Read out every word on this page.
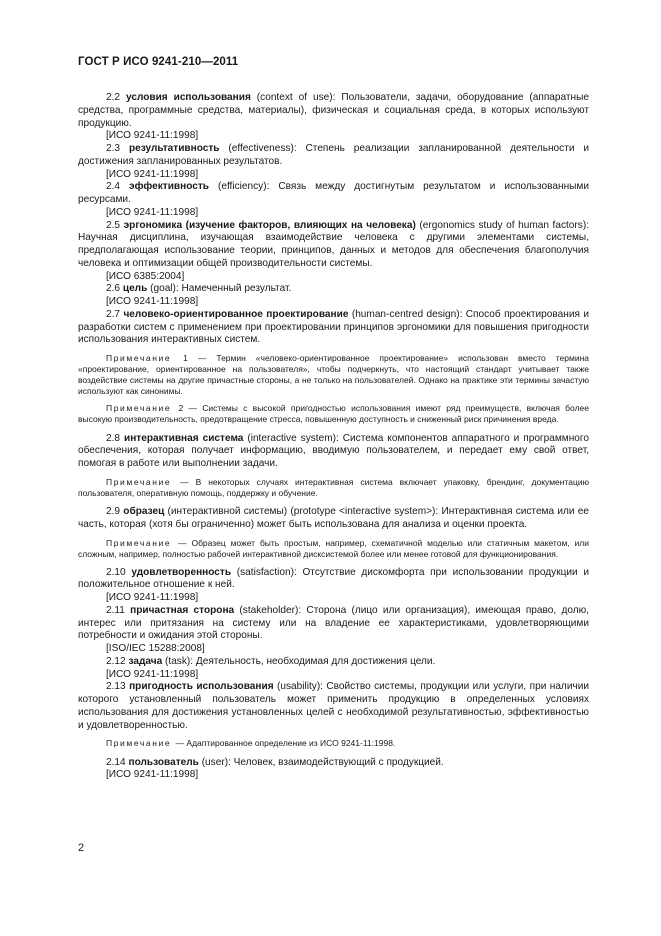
ГОСТ Р ИСО 9241-210—2011

2.2 условия использования (context of use): Пользователи, задачи, оборудование (аппаратные средства, программные средства, материалы), физическая и социальная среда, в которых используют продукцию.

[ИСО 9241-11:1998]

2.3 результативность (effectiveness): Степень реализации запланированной деятельности и достижения запланированных результатов.

[ИСО 9241-11:1998]

2.4 эффективность (efficiency): Связь между достигнутым результатом и использованными ресурсами.

[ИСО 9241-11:1998]

2.5 эргономика (изучение факторов, влияющих на человека) (ergonomics study of human factors): Научная дисциплина, изучающая взаимодействие человека с другими элементами системы, предполагающая использование теории, принципов, данных и методов для обеспечения благополучия человека и оптимизации общей производительности системы.

[ИСО 6385:2004]

2.6 цель (goal): Намеченный результат.

[ИСО 9241-11:1998]

2.7 человеко-ориентированное проектирование (human-centred design): Способ проектирования и разработки систем с применением при проектировании принципов эргономики для повышения пригодности использования интерактивных систем.

Примечание 1 — Термин «человеко-ориентированное проектирование» использован вместо термина «проектирование, ориентированное на пользователя», чтобы подчеркнуть, что настоящий стандарт учитывает также воздействие системы на другие причастные стороны, а не только на пользователей. Однако на практике эти термины зачастую используют как синонимы.

Примечание 2 — Системы с высокой пригодностью использования имеют ряд преимуществ, включая более высокую производительность, предотвращение стресса, повышенную доступность и сниженный риск причинения вреда.

2.8 интерактивная система (interactive system): Система компонентов аппаратного и программного обеспечения, которая получает информацию, вводимую пользователем, и передает ему свой ответ, помогая в работе или выполнении задачи.

Примечание — В некоторых случаях интерактивная система включает упаковку, брендинг, документацию пользователя, оперативную помощь, поддержку и обучение.

2.9 образец (интерактивной системы) (prototype <interactive system>): Интерактивная система или ее часть, которая (хотя бы ограниченно) может быть использована для анализа и оценки проекта.

Примечание — Образец может быть простым, например, схематичной моделью или статичным макетом, или сложным, например, полностью рабочей интерактивной дисксистемой более или менее готовой для функционирования.

2.10 удовлетворенность (satisfaction): Отсутствие дискомфорта при использовании продукции и положительное отношение к ней.

[ИСО 9241-11:1998]

2.11 причастная сторона (stakeholder): Сторона (лицо или организация), имеющая право, долю, интерес или притязания на систему или на владение ее характеристиками, удовлетворяющими потребности и ожидания этой стороны.

[ISO/IEC 15288:2008]

2.12 задача (task): Деятельность, необходимая для достижения цели.

[ИСО 9241-11:1998]

2.13 пригодность использования (usability): Свойство системы, продукции или услуги, при наличии которого установленный пользователь может применить продукцию в определенных условиях использования для достижения установленных целей с необходимой результативностью, эффективностью и удовлетворенностью.

Примечание — Адаптированное определение из ИСО 9241-11:1998.

2.14 пользователь (user): Человек, взаимодействующий с продукцией.

[ИСО 9241-11:1998]

2
